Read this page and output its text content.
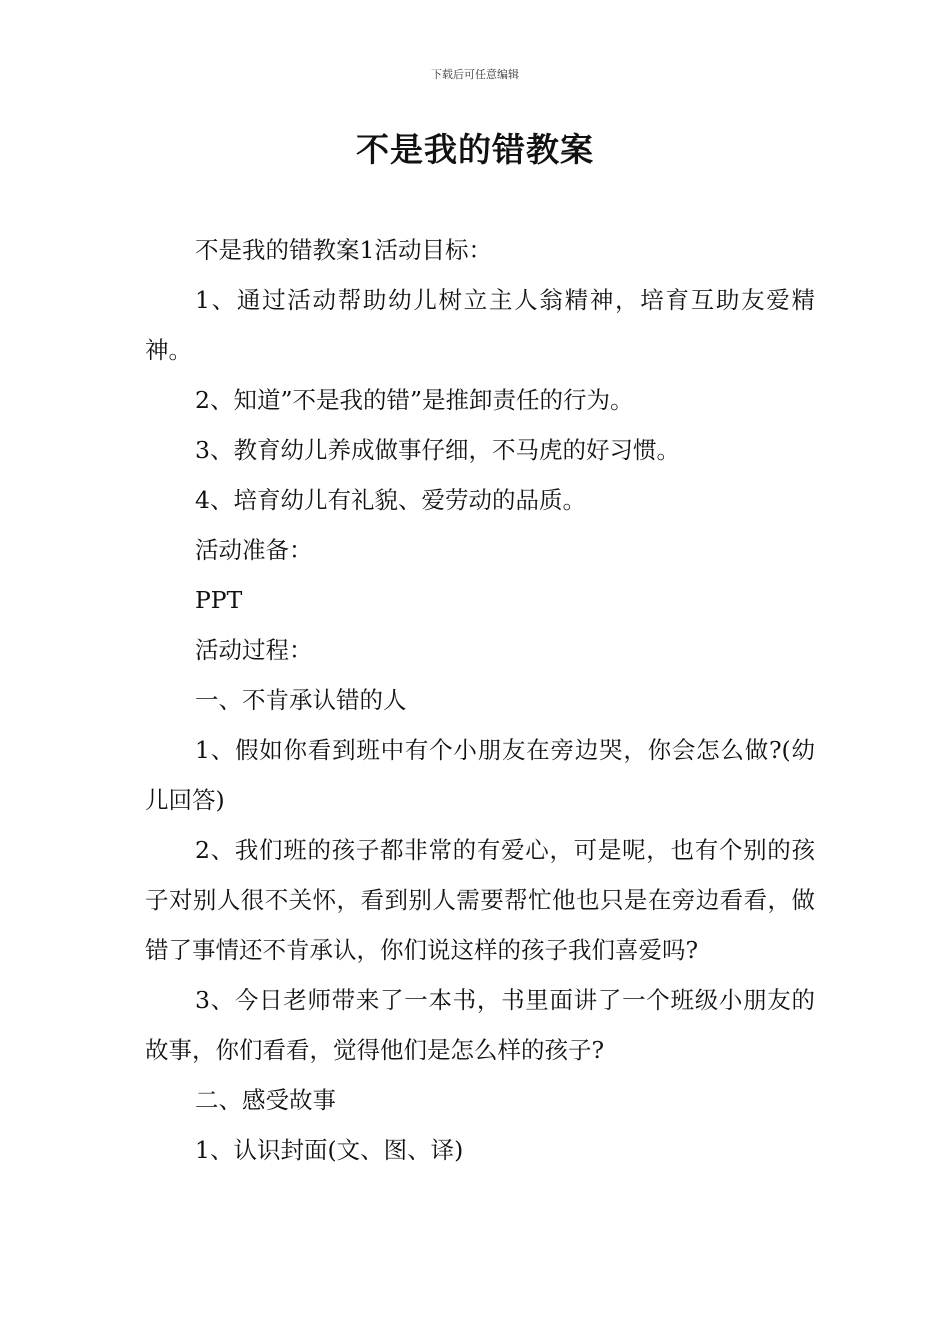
下载后可任意编辑
不是我的错教案

不是我的错教案1活动目标：

1、通过活动帮助幼儿树立主人翁精神，培育互助友爱精神。

2、知道”不是我的错”是推卸责任的行为。

3、教育幼儿养成做事仔细，不马虎的好习惯。

4、培育幼儿有礼貌、爱劳动的品质。

活动准备：

PPT

活动过程：

一、不肯承认错的人

1、假如你看到班中有个小朋友在旁边哭，你会怎么做?(幼儿回答)

2、我们班的孩子都非常的有爱心，可是呢，也有个别的孩子对别人很不关怀，看到别人需要帮忙他也只是在旁边看看，做错了事情还不肯承认，你们说这样的孩子我们喜爱吗?

3、今日老师带来了一本书，书里面讲了一个班级小朋友的故事，你们看看，觉得他们是怎么样的孩子?

二、感受故事

1、认识封面(文、图、译)
